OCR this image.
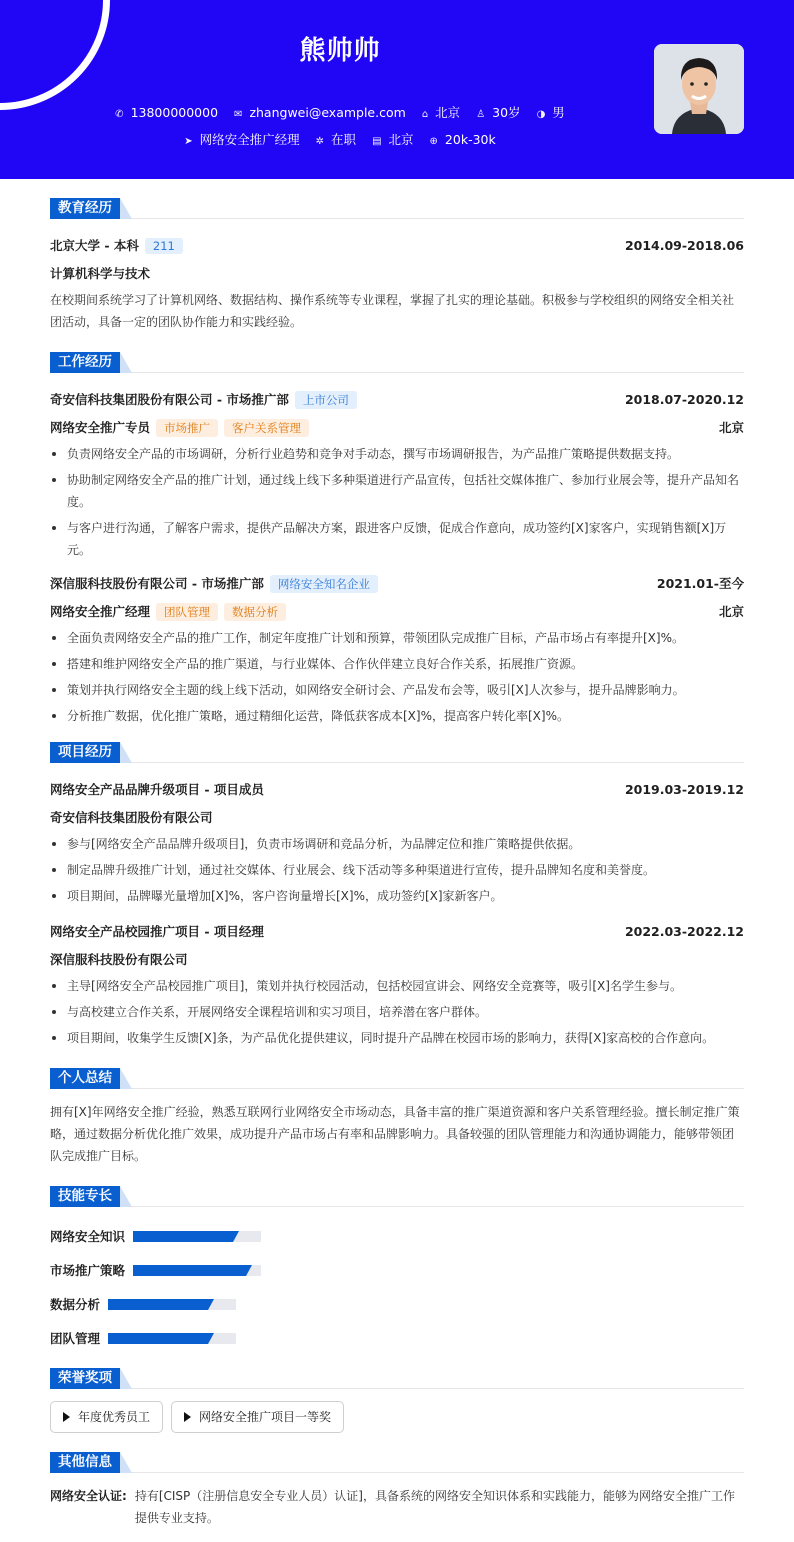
熊帅帅
✆ 13800000000 ✉ zhangwei@example.com ⌂ 北京 ♙ 30岁 ◑ 男
➤ 网络安全推广经理 ✲ 在职 ▤ 北京 ⊕ 20k-30k
教育经历
北京大学 - 本科 211	2014.09-2018.06
计算机科学与技术

在校期间系统学习了计算机网络、数据结构、操作系统等专业课程，掌握了扎实的理论基础。积极参与学校组织的网络安全相关社团活动，具备一定的团队协作能力和实践经验。

工作经历
奇安信科技集团股份有限公司 - 市场推广部 上市公司	2018.07-2020.12
网络安全推广专员 市场推广 客户关系管理	北京
负责网络安全产品的市场调研，分析行业趋势和竞争对手动态，撰写市场调研报告，为产品推广策略提供数据支持。
协助制定网络安全产品的推广计划，通过线上线下多种渠道进行产品宣传，包括社交媒体推广、参加行业展会等，提升产品知名度。
与客户进行沟通，了解客户需求，提供产品解决方案，跟进客户反馈，促成合作意向，成功签约[X]家客户，实现销售额[X]万元。
深信服科技股份有限公司 - 市场推广部 网络安全知名企业	2021.01-至今
网络安全推广经理 团队管理 数据分析	北京
全面负责网络安全产品的推广工作，制定年度推广计划和预算，带领团队完成推广目标，产品市场占有率提升[X]%。
搭建和维护网络安全产品的推广渠道，与行业媒体、合作伙伴建立良好合作关系，拓展推广资源。
策划并执行网络安全主题的线上线下活动，如网络安全研讨会、产品发布会等，吸引[X]人次参与，提升品牌影响力。
分析推广数据，优化推广策略，通过精细化运营，降低获客成本[X]%，提高客户转化率[X]%。
项目经历
网络安全产品品牌升级项目 - 项目成员	2019.03-2019.12
奇安信科技集团股份有限公司
参与[网络安全产品品牌升级项目]，负责市场调研和竞品分析，为品牌定位和推广策略提供依据。
制定品牌升级推广计划，通过社交媒体、行业展会、线下活动等多种渠道进行宣传，提升品牌知名度和美誉度。
项目期间，品牌曝光量增加[X]%，客户咨询量增长[X]%，成功签约[X]家新客户。
网络安全产品校园推广项目 - 项目经理	2022.03-2022.12
深信服科技股份有限公司
主导[网络安全产品校园推广项目]，策划并执行校园活动，包括校园宣讲会、网络安全竞赛等，吸引[X]名学生参与。
与高校建立合作关系，开展网络安全课程培训和实习项目，培养潜在客户群体。
项目期间，收集学生反馈[X]条，为产品优化提供建议，同时提升产品牌在校园市场的影响力，获得[X]家高校的合作意向。
个人总结

拥有[X]年网络安全推广经验，熟悉互联网行业网络安全市场动态，具备丰富的推广渠道资源和客户关系管理经验。擅长制定推广策略，通过数据分析优化推广效果，成功提升产品市场占有率和品牌影响力。具备较强的团队管理能力和沟通协调能力，能够带领团队完成推广目标。

技能专长
网络安全知识
市场推广策略
数据分析
团队管理
荣誉奖项
年度优秀员工	网络安全推广项目一等奖
其他信息
网络安全认证: 持有[CISP（注册信息安全专业人员）认证]，具备系统的网络安全知识体系和实践能力，能够为网络安全推广工作提供专业支持。
